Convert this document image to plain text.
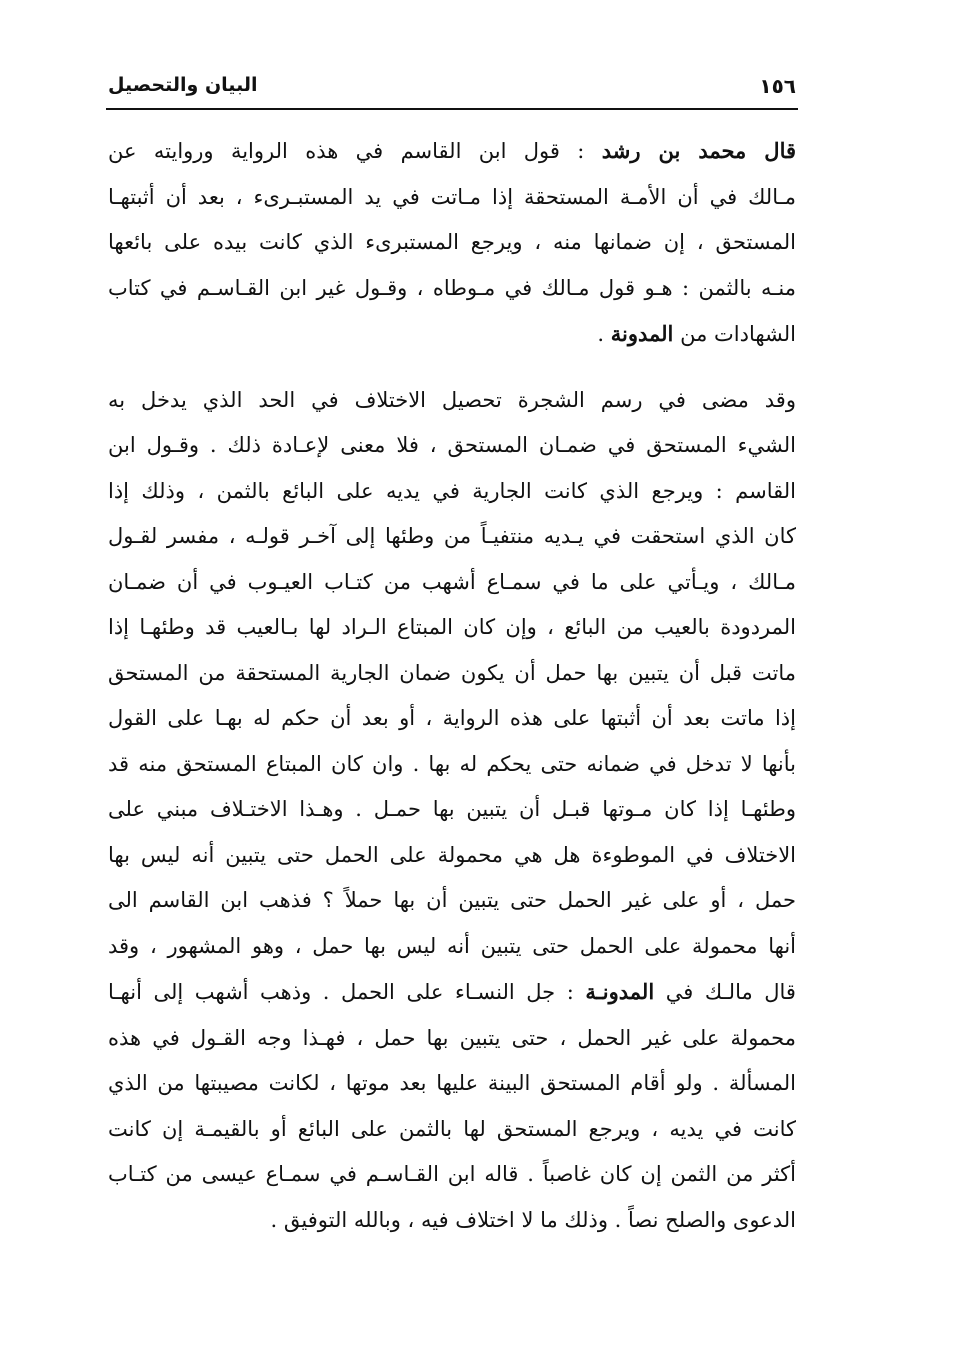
١٥٦
البيان والتحصيل

قال محمد بن رشد : قول ابن القاسم في هذه الرواية وروايته عن
مـالك في أن الأمـة المستحقة إذا مـاتت في يد المستبـرىء ، بعد أن أثبتهـا
المستحق ، إن ضمانها منه ، ويرجع المستبرىء الذي كانت بيده على بائعها
منـه بالثمن : هـو قول مـالك في مـوطاه ، وقـول غير ابن القـاسـم في كتاب
الشهادات من المدونة .

وقد مضى في رسم الشجرة تحصيل الاختلاف في الحد الذي يدخل به
الشيء المستحق في ضمـان المستحق ، فلا معنى لإعـادة ذلك . وقـول ابن
القاسم : ويرجع الذي كانت الجارية في يديه على البائع بالثمن ، وذلك إذا
كان الذي استحقت في يـديه منتفيـاً من وطئها إلى آخـر قولـه ، مفسر لقـول
مـالك ، ويـأتي على ما في سمـاع أشهب من كتـاب العيـوب في أن ضمـان
المردودة بالعيب من البائع ، وإن كان المبتاع الـراد لها بـالعيب قد وطئهـا إذا
ماتت قبل أن يتبين بها حمل أن يكون ضمان الجارية المستحقة من المستحق
إذا ماتت بعد أن أثبتها على هذه الرواية ، أو بعد أن حكم له بهـا على القول
بأنها لا تدخل في ضمانه حتى يحكم له بها . وان كان المبتاع المستحق منه قد
وطئهـا إذا كان مـوتها قبـل أن يتبين بها حمـل . وهـذا الاختـلاف مبني على
الاختلاف في الموطوءة هل هي محمولة على الحمل حتى يتبين أنه ليس بها
حمل ، أو على غير الحمل حتى يتبين أن بها حملاً ؟ فذهب ابن القاسم الى
أنها محمولة على الحمل حتى يتبين أنه ليس بها حمل ، وهو المشهور ، وقد
قال مالـك في المدونـة : جل النسـاء على الحمل . وذهب أشهب إلى أنهـا
محمولة على غير الحمل ، حتى يتبين بها حمل ، فهـذا وجه القـول في هذه
المسألة . ولو أقام المستحق البينة عليها بعد موتها ، لكانت مصيبتها من الذي
كانت في يديه ، ويرجع المستحق لها بالثمن على البائع أو بالقيمـة إن كانت
أكثر من الثمن إن كان غاصباً . قاله ابن القـاسـم في سمـاع عيسى من كتـاب
الدعوى والصلح نصاً . وذلك ما لا اختلاف فيه ، وبالله التوفيق .
